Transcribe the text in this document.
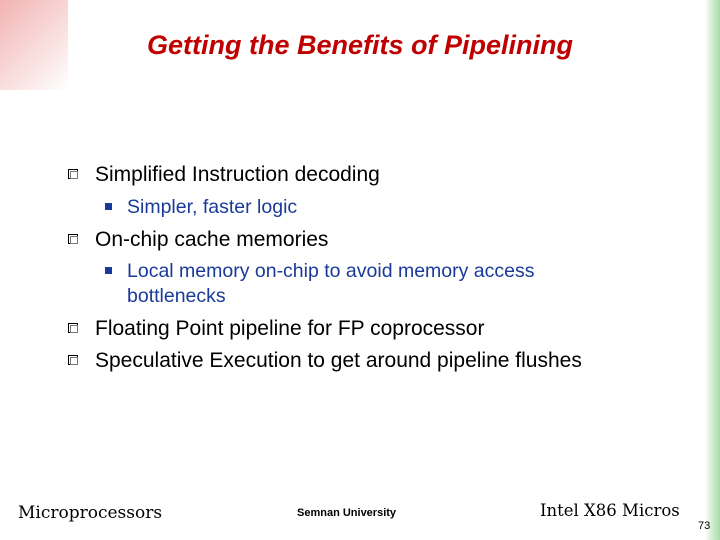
Getting the Benefits of Pipelining
Simplified Instruction decoding
Simpler, faster logic
On-chip cache memories
Local memory on-chip to avoid memory access
bottlenecks
Floating Point pipeline for FP coprocessor
Speculative Execution to get around pipeline flushes
Microprocessors	Semnan University	Intel X86 Micros
73
